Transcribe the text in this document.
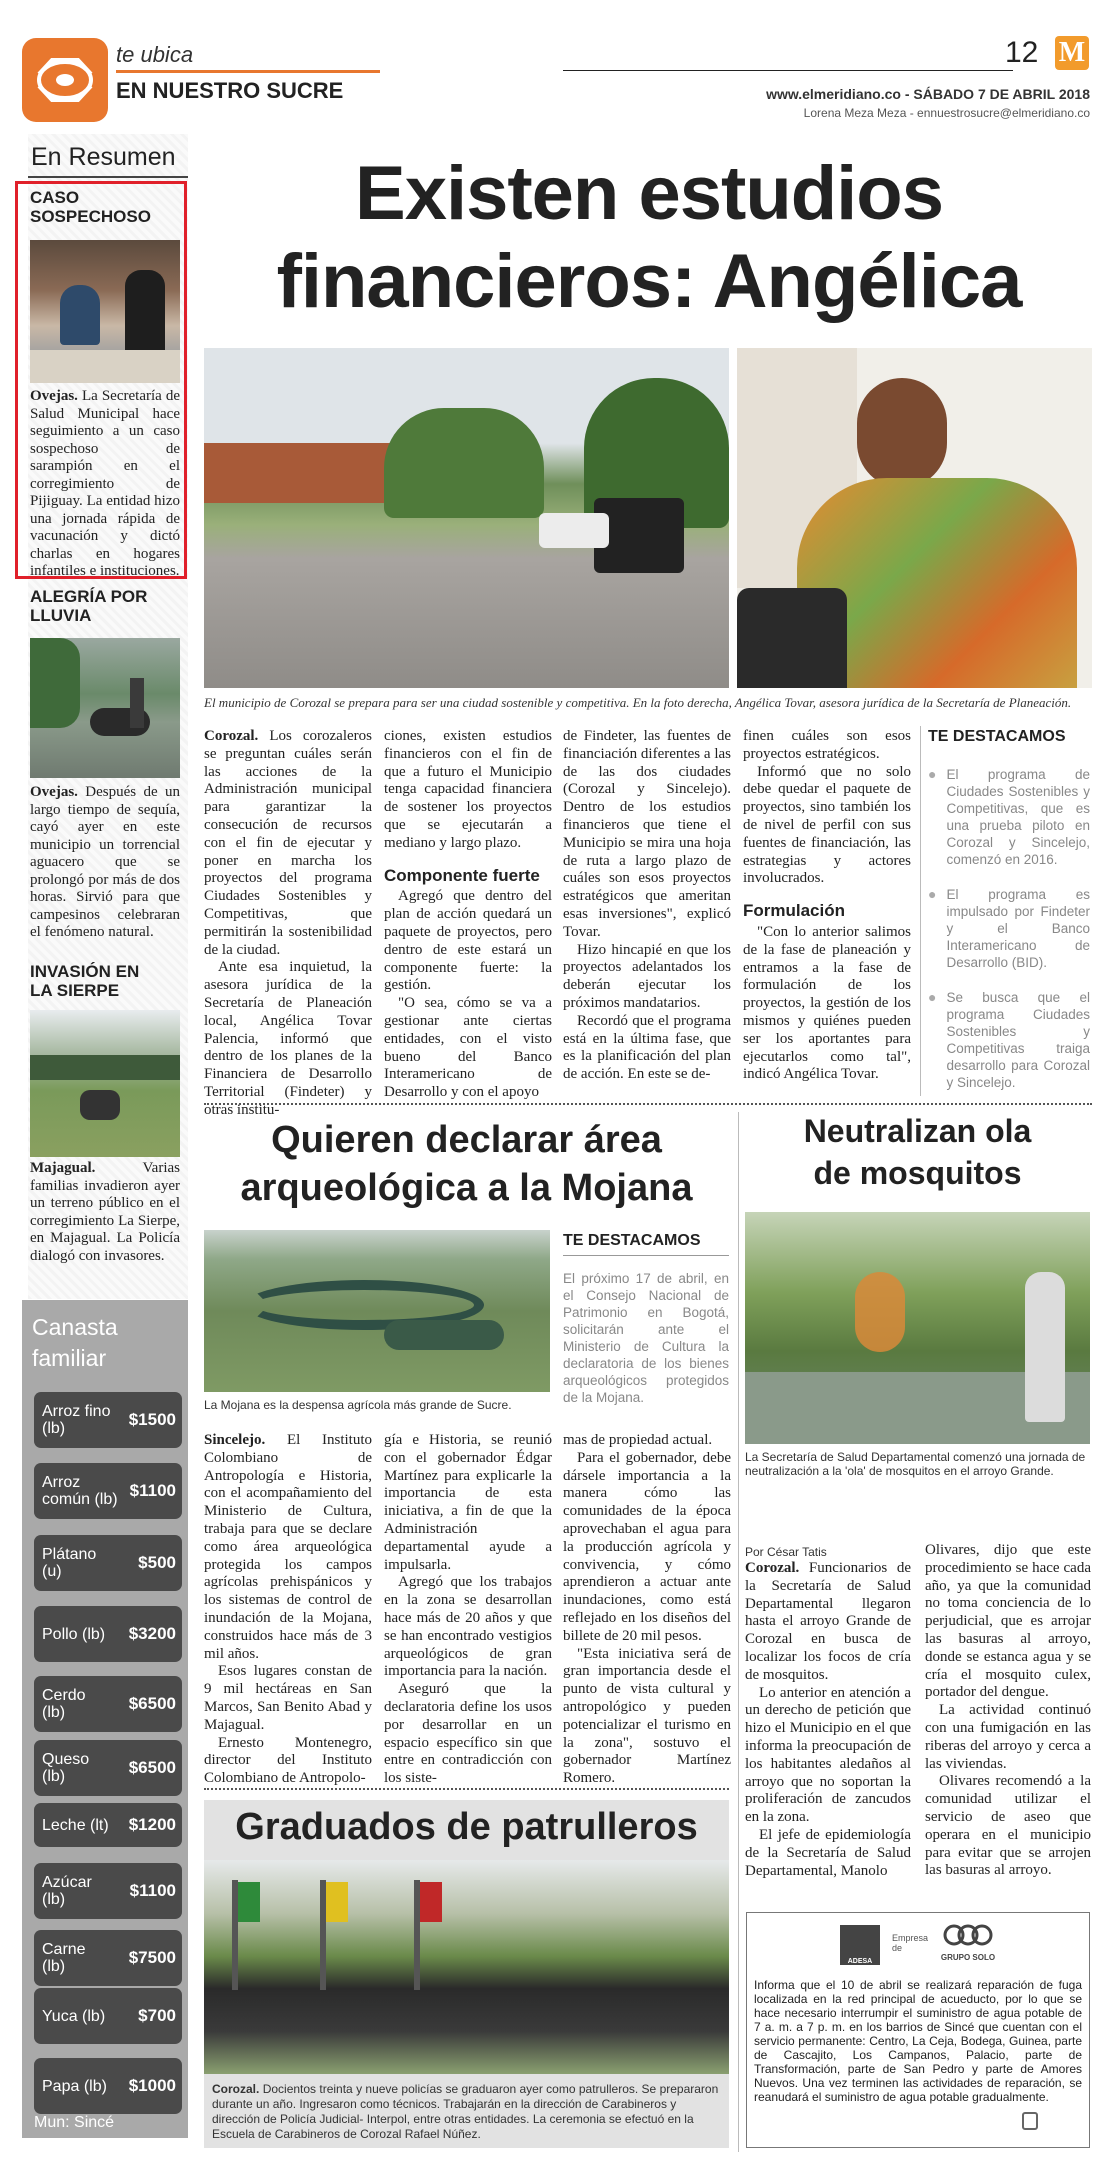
te ubica
EN NUESTRO SUCRE
12 M
www.elmeridiano.co - SÁBADO 7 DE ABRIL 2018
Lorena Meza Meza - ennuestrosucre@elmeridiano.co
En Resumen
CASO SOSPECHOSO
Ovejas. La Secretaría de Salud Municipal hace seguimiento a un caso sospechoso de sarampión en el corregimiento de Pijiguay. La entidad hizo una jornada rápida de vacunación y dictó charlas en hogares infantiles e instituciones.
ALEGRÍA POR LLUVIA
Ovejas. Después de un largo tiempo de sequía, cayó ayer en este municipio un torrencial aguacero que se prolongó por más de dos horas. Sirvió para que campesinos celebraran el fenómeno natural.
INVASIÓN EN LA SIERPE
Majagual.	Varias familias invadieron ayer un terreno público en el corregimiento La Sierpe, en Majagual. La Policía dialogó con invasores.
Canasta familiar
Arroz fino (lb)	$1500
Arroz común (lb) $1100
Plátano (u)	$500
Pollo (lb)	$3200
Cerdo (lb)	$6500
Queso (lb)	$6500
Leche (lt)	$1200
Azúcar (lb)	$1100
Carne (lb)	$7500
Yuca (lb)	$700
Papa (lb) $1000
Mun: Sincé
Existen estudios
financieros: Angélica
El municipio de Corozal se prepara para ser una ciudad sostenible y competitiva. En la foto derecha, Angélica Tovar, asesora jurídica de la Secretaría de Planeación.
Corozal. Los corozaleros se preguntan cuáles serán las acciones de la Administración municipal para garantizar la consecución de recursos con el fin de ejecutar y poner en marcha los proyectos del programa Ciudades Sostenibles y Competitivas, que permitirán la sostenibilidad de la ciudad.
Ante esa inquietud, la asesora jurídica de la Secretaría de Planeación local, Angélica Tovar Palencia, informó que dentro de los planes de la Financiera de Desarrollo Territorial (Findeter) y otras institu-
ciones, existen estudios financieros con el fin de que a futuro el Municipio tenga capacidad financiera de sostener los proyectos que se ejecutarán a mediano y largo plazo.
Componente fuerte
Agregó que dentro del plan de acción quedará un paquete de proyectos, pero dentro de este estará un componente fuerte: la gestión.
"O sea, cómo se va a gestionar ante ciertas entidades, con el visto bueno del Banco Interamericano de Desarrollo y con el apoyo
de Findeter, las fuentes de financiación diferentes a las de las dos ciudades (Corozal y Sincelejo). Dentro de los estudios financieros que tiene el Municipio se mira una hoja de ruta a largo plazo de cuáles son esos proyectos estratégicos que ameritan esas inversiones", explicó Tovar.
Hizo hincapié en que los proyectos adelantados los deberán ejecutar los próximos mandatarios.
Recordó que el programa está en la última fase, que es la planificación del plan de acción. En este se de-
finen cuáles son esos proyectos estratégicos.
Informó que no solo debe quedar el paquete de proyectos, sino también los de nivel de perfil con sus fuentes de financiación, las estrategias y actores involucrados.
Formulación
"Con lo anterior salimos de la fase de planeación y entramos a la fase de formulación de los proyectos, la gestión de los mismos y quiénes pueden ser los aportantes para ejecutarlos como tal", indicó Angélica Tovar.
TE DESTACAMOS
● El programa de Ciudades Sostenibles y Competitivas, que es una prueba piloto en Corozal y Sincelejo, comenzó en 2016.
● El programa es impulsado por Findeter y el Banco Interamericano de Desarrollo (BID).
● Se busca que el programa Ciudades Sostenibles y Competitivas traiga desarrollo para Corozal y Sincelejo.
Quieren declarar área
arqueológica a la Mojana
La Mojana es la despensa agrícola más grande de Sucre.
TE DESTACAMOS
El próximo 17 de abril, en el Consejo Nacional de Patrimonio en Bogotá, solicitarán ante el Ministerio de Cultura la declaratoria de los bienes arqueológicos protegidos de la Mojana.
Sincelejo. El Instituto Colombiano de Antropología e Historia, con el acompañamiento del Ministerio de Cultura, trabaja para que se declare como área arqueológica protegida los campos agrícolas prehispánicos y los sistemas de control de inundación de la Mojana, construidos hace más de 3 mil años.
Esos lugares constan de 9 mil hectáreas en San Marcos, San Benito Abad y Majagual.
Ernesto Montenegro, director del Instituto Colombiano de Antropolo-
gía e Historia, se reunió con el gobernador Édgar Martínez para explicarle la importancia de esta iniciativa, a fin de que la Administración departamental ayude a impulsarla.
Agregó que los trabajos en la zona se desarrollan hace más de 20 años y que se han encontrado vestigios arqueológicos de gran importancia para la nación.
Aseguró que la declaratoria define los usos por desarrollar en un espacio específico sin que entre en contradicción con los siste-
mas de propiedad actual.
Para el gobernador, debe dársele importancia a la manera cómo las comunidades de la época aprovechaban el agua para la producción agrícola y convivencia, y cómo aprendieron a actuar ante inundaciones, como está reflejado en los diseños del billete de 20 mil pesos.
"Esta iniciativa será de gran importancia desde el punto de vista cultural y antropológico y pueden potencializar el turismo en la zona", sostuvo el gobernador Martínez Romero.
Neutralizan ola
de mosquitos
La Secretaría de Salud Departamental comenzó una jornada de neutralización a la 'ola' de mosquitos en el arroyo Grande.
Por César Tatis
Corozal. Funcionarios de la Secretaría de Salud Departamental llegaron hasta el arroyo Grande de Corozal en busca de localizar los focos de cría de mosquitos.
Lo anterior en atención a un derecho de petición que hizo el Municipio en el que informa la preocupación de los habitantes aledaños al arroyo que no soportan la proliferación de zancudos en la zona.
El jefe de epidemiología de la Secretaría de Salud Departamental, Manolo
Olivares, dijo que este procedimiento se hace cada año, ya que la comunidad no toma conciencia de lo perjudicial, que es arrojar las basuras al arroyo, donde se estanca agua y se cría el mosquito culex, portador del dengue.
La actividad continuó con una fumigación en las riberas del arroyo y cerca a las viviendas.
Olivares recomendó a la comunidad utilizar el servicio de aseo que operara en el municipio para evitar que se arrojen las basuras al arroyo.
Graduados de patrulleros
Corozal. Docientos treinta y nueve policías se graduaron ayer como patrulleros. Se prepararon durante un año. Ingresaron como técnicos. Trabajarán en la dirección de Carabineros y dirección de Policía Judicial- Interpol, entre otras entidades. La ceremonia se efectuó en la Escuela de Carabineros de Corozal Rafael Núñez.
ADESA
Empresa de
GRUPO SOLO
Informa que el 10 de abril se realizará reparación de fuga localizada en la red principal de acueducto, por lo que se hace necesario interrumpir el suministro de agua potable de 7 a. m. a 7 p. m. en los barrios de Sincé que cuentan con el servicio permanente: Centro, La Ceja, Bodega, Guinea, parte de Cascajito, Los Campanos, Palacio, parte de Transformación, parte de San Pedro y parte de Amores Nuevos. Una vez terminen las actividades de reparación, se reanudará el suministro de agua potable gradualmente.
